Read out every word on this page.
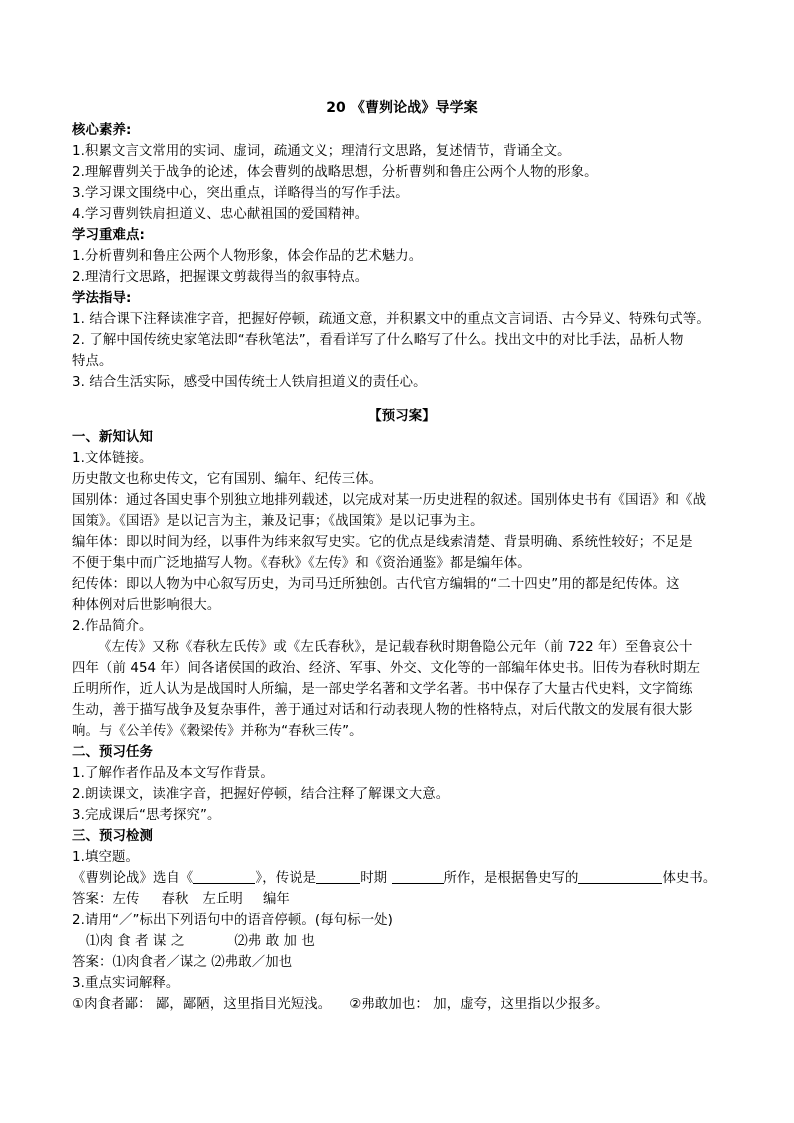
20 《曹刿论战》导学案
核心素养:
1.积累文言文常用的实词、虚词，疏通文义；理清行文思路，复述情节，背诵全文。
2.理解曹刿关于战争的论述，体会曹刿的战略思想，分析曹刿和鲁庄公两个人物的形象。
3.学习课文围绕中心，突出重点，详略得当的写作手法。
4.学习曹刿铁肩担道义、忠心献祖国的爱国精神。
学习重难点:
1.分析曹刿和鲁庄公两个人物形象，体会作品的艺术魅力。
2.理清行文思路，把握课文剪裁得当的叙事特点。
学法指导:
1. 结合课下注释读准字音，把握好停顿，疏通文意，并积累文中的重点文言词语、古今异义、特殊句式等。
2. 了解中国传统史家笔法即“春秋笔法”，看看详写了什么略写了什么。找出文中的对比手法，品析人物
特点。
3. 结合生活实际，感受中国传统士人铁肩担道义的责任心。
【预习案】
一、新知认知
1.文体链接。
历史散文也称史传文，它有国别、编年、纪传三体。
国别体：通过各国史事个别独立地排列载述，以完成对某一历史进程的叙述。国别体史书有《国语》和《战
国策》。《国语》是以记言为主，兼及记事；《战国策》是以记事为主。
编年体：即以时间为经，以事件为纬来叙写史实。它的优点是线索清楚、背景明确、系统性较好；不足是
不便于集中而广泛地描写人物。《春秋》《左传》和《资治通鉴》都是编年体。
纪传体：即以人物为中心叙写历史，为司马迁所独创。古代官方编辑的“二十四史”用的都是纪传体。这
种体例对后世影响很大。
2.作品简介。
《左传》又称《春秋左氏传》或《左氏春秋》，是记载春秋时期鲁隐公元年（前 722 年）至鲁哀公十
四年（前 454 年）间各诸侯国的政治、经济、军事、外交、文化等的一部编年体史书。旧传为春秋时期左
丘明所作，近人认为是战国时人所编，是一部史学名著和文学名著。书中保存了大量古代史料，文字简练
生动，善于描写战争及复杂事件，善于通过对话和行动表现人物的性格特点，对后代散文的发展有很大影
响。与《公羊传》《穀梁传》并称为“春秋三传”。
二、预习任务
1.了解作者作品及本文写作背景。
2.朗读课文，读准字音，把握好停顿，结合注释了解课文大意。
3.完成课后“思考探究”。
三、预习检测
1.填空题。
《曹刿论战》选自《	》，传说是	时期	所作，是根据鲁史写的	体史书。
答案：左传 春秋 左丘明 编年
2.请用“／”标出下列语句中的语音停顿。(每句标一处)
⑴肉 食 者 谋 之	⑵弗 敢 加 也
答案：⑴肉食者／谋之 ⑵弗敢／加也
3.重点实词解释。
①肉食者鄙： 鄙，鄙陋，这里指目光短浅。 ②弗敢加也： 加，虚夸，这里指以少报多。
